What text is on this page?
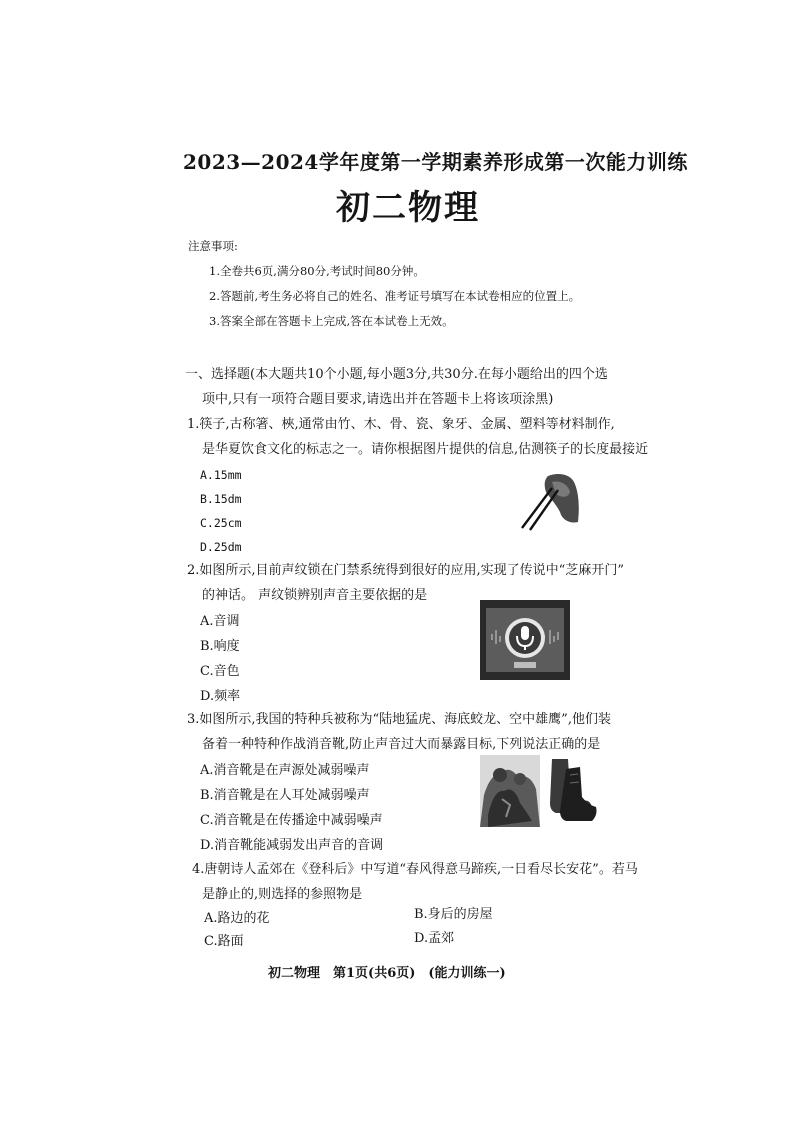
2023—2024学年度第一学期素养形成第一次能力训练
初二物理
注意事项:
1.全卷共6页,满分80分,考试时间80分钟。
2.答题前,考生务必将自己的姓名、准考证号填写在本试卷相应的位置上。
3.答案全部在答题卡上完成,答在本试卷上无效。
一、选择题(本大题共10个小题,每小题3分,共30分.在每小题给出的四个选
项中,只有一项符合题目要求,请选出并在答题卡上将该项涂黑)
1.筷子,古称箸、梜,通常由竹、木、骨、瓷、象牙、金属、塑料等材料制作,
是华夏饮食文化的标志之一。请你根据图片提供的信息,估测筷子的长度最接近
A.15mm
B.15dm
C.25cm
D.25dm
2.如图所示,目前声纹锁在门禁系统得到很好的应用,实现了传说中“芝麻开门”
的神话。 声纹锁辨别声音主要依据的是
A.音调
B.响度
C.音色
D.频率
3.如图所示,我国的特种兵被称为“陆地猛虎、海底蛟龙、空中雄鹰”,他们装
备着一种特种作战消音靴,防止声音过大而暴露目标,下列说法正确的是
A.消音靴是在声源处减弱噪声
B.消音靴是在人耳处减弱噪声
C.消音靴是在传播途中减弱噪声
D.消音靴能减弱发出声音的音调
4.唐朝诗人孟郊在《登科后》中写道“春风得意马蹄疾,一日看尽长安花”。若马
是静止的,则选择的参照物是
A.路边的花	B.身后的房屋
C.路面	D.孟郊
初二物理　第1页(共6页)　(能力训练一)
